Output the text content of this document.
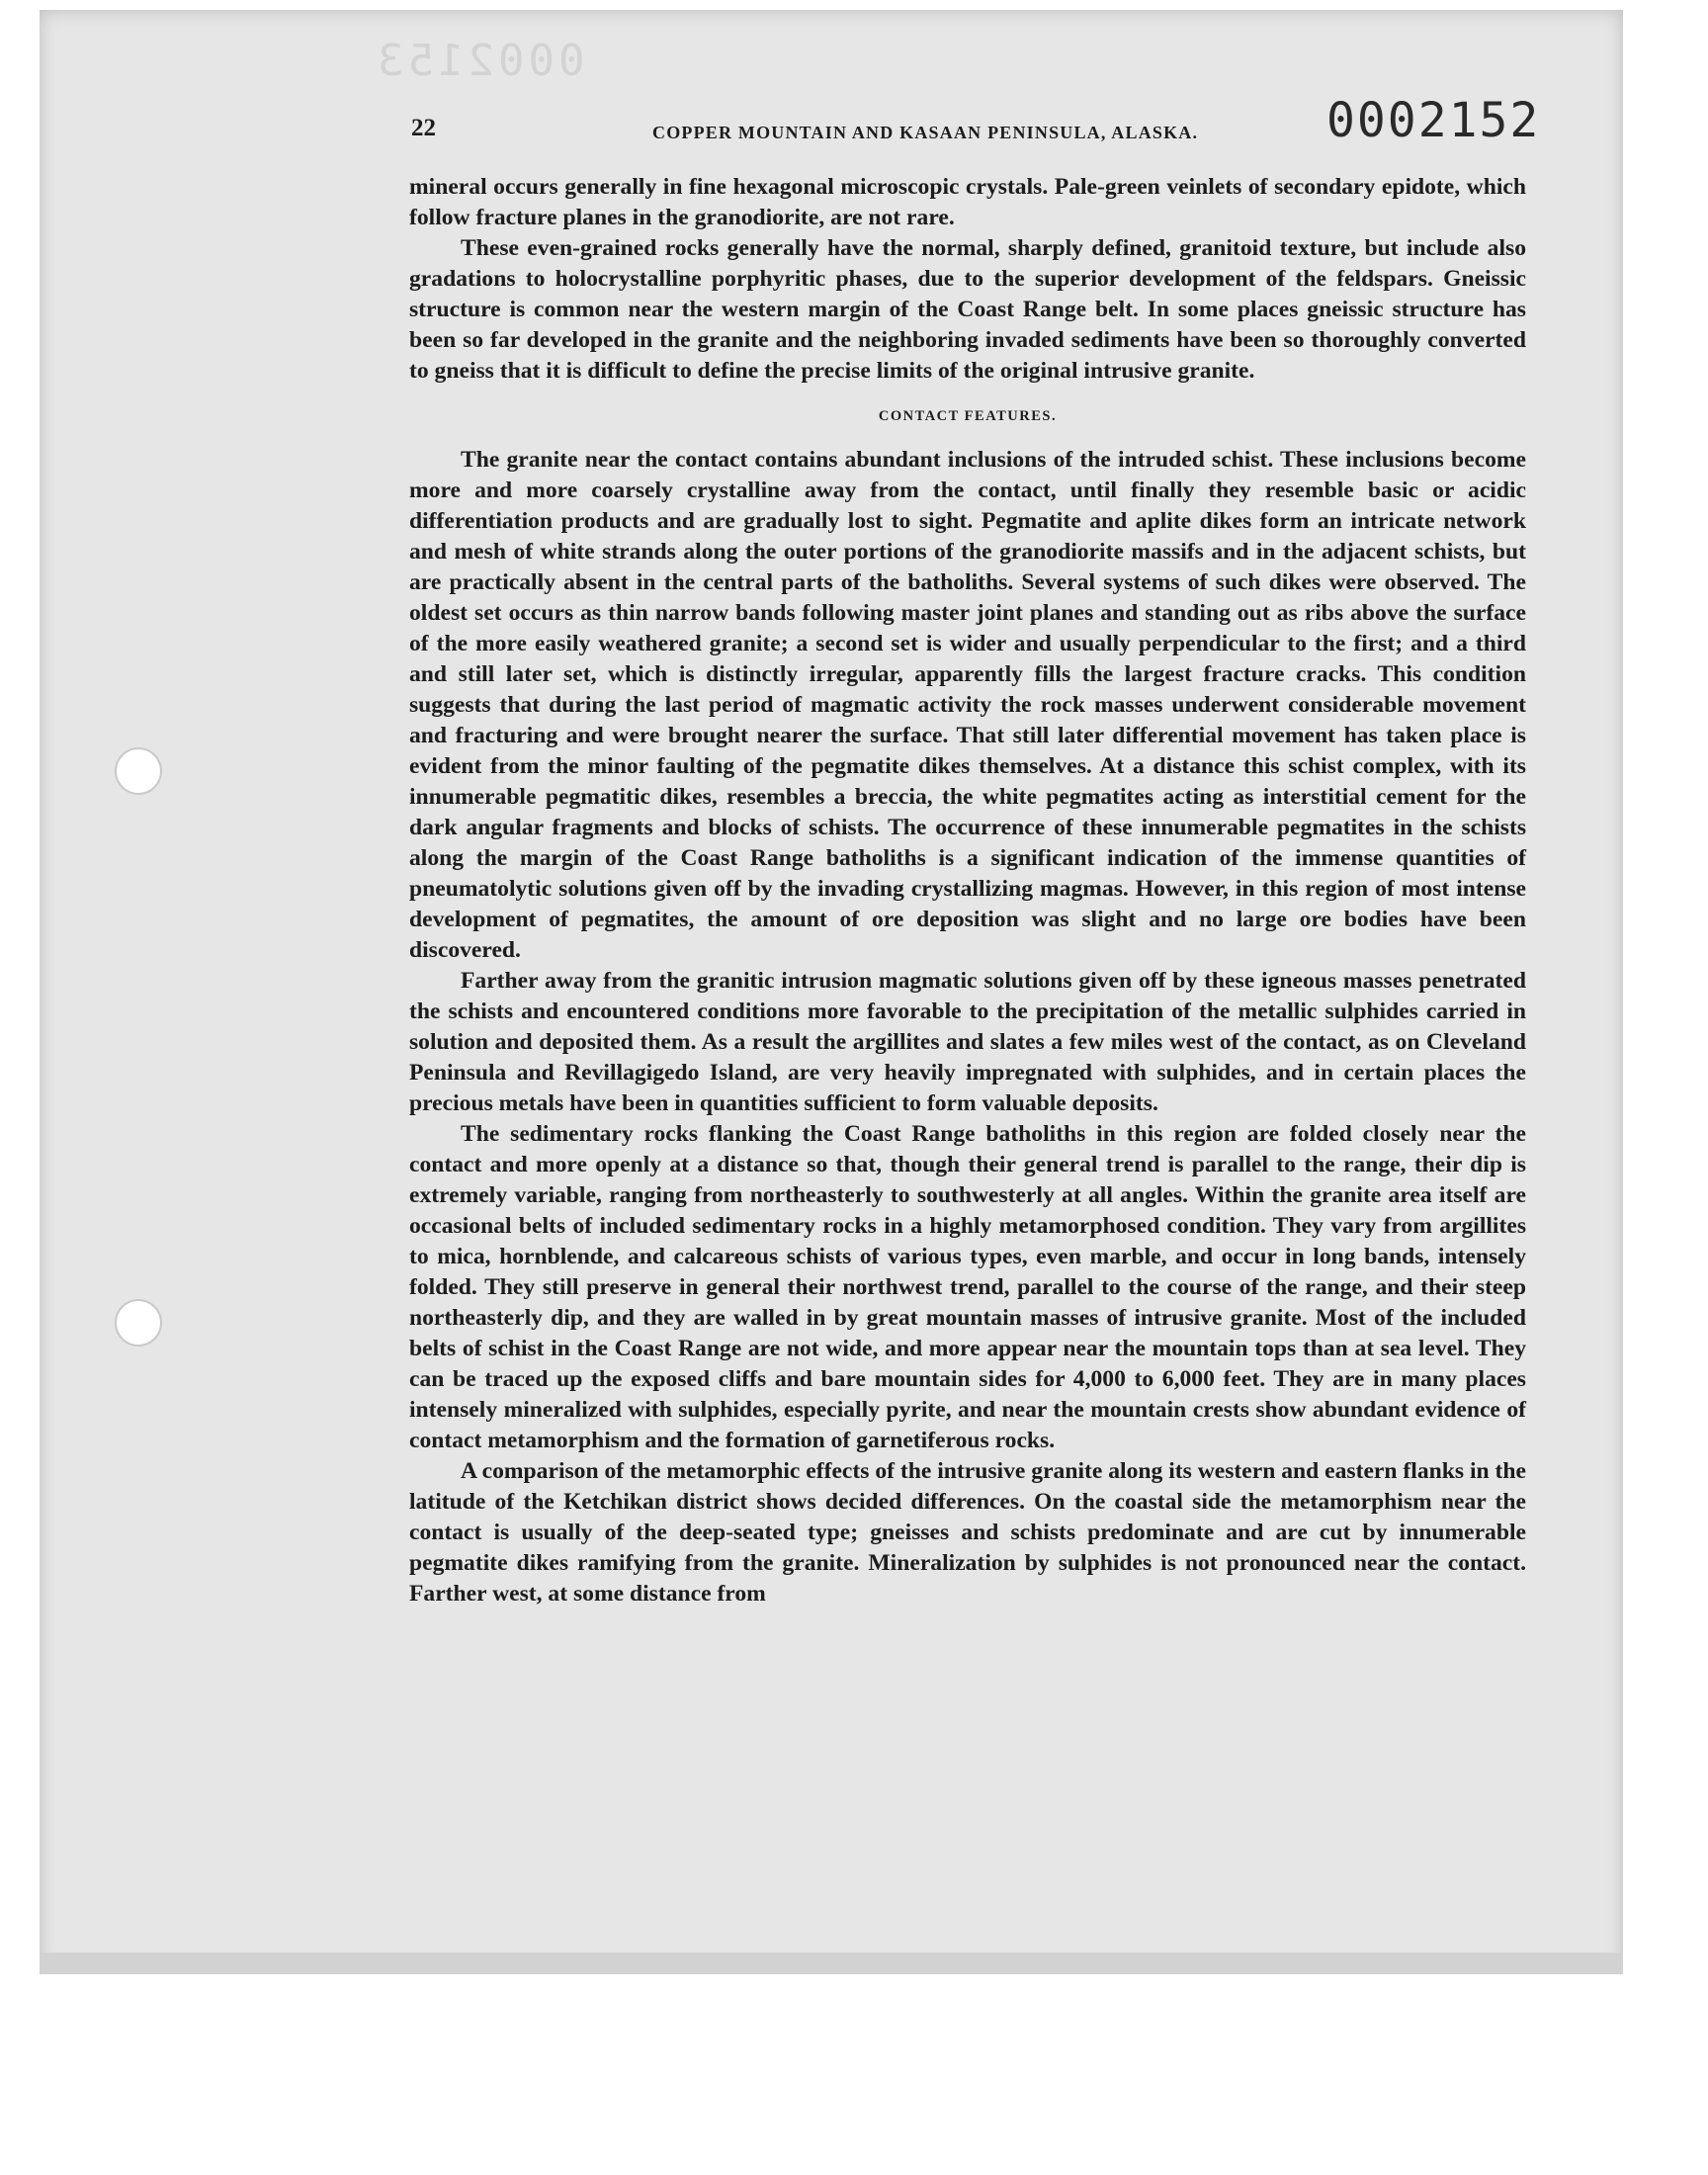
0002153
22	COPPER MOUNTAIN AND KASAAN PENINSULA, ALASKA.	0002152

mineral occurs generally in fine hexagonal microscopic crystals. Pale-green veinlets of secondary epidote, which follow fracture planes in the granodiorite, are not rare.

These even-grained rocks generally have the normal, sharply defined, granitoid texture, but include also gradations to holocrystalline porphyritic phases, due to the superior development of the feldspars. Gneissic structure is common near the western margin of the Coast Range belt. In some places gneissic structure has been so far developed in the granite and the neighboring invaded sediments have been so thoroughly converted to gneiss that it is difficult to define the precise limits of the original intrusive granite.

CONTACT FEATURES.

The granite near the contact contains abundant inclusions of the intruded schist. These inclusions become more and more coarsely crystalline away from the contact, until finally they resemble basic or acidic differentiation products and are gradually lost to sight. Pegmatite and aplite dikes form an intricate network and mesh of white strands along the outer portions of the granodiorite massifs and in the adjacent schists, but are practically absent in the central parts of the batholiths. Several systems of such dikes were observed. The oldest set occurs as thin narrow bands following master joint planes and standing out as ribs above the surface of the more easily weathered granite; a second set is wider and usually perpendicular to the first; and a third and still later set, which is distinctly irregular, apparently fills the largest fracture cracks. This condition suggests that during the last period of magmatic activity the rock masses underwent considerable movement and fracturing and were brought nearer the surface. That still later differential movement has taken place is evident from the minor faulting of the pegmatite dikes themselves. At a distance this schist complex, with its innumerable pegmatitic dikes, resembles a breccia, the white pegmatites acting as interstitial cement for the dark angular fragments and blocks of schists. The occurrence of these innumerable pegmatites in the schists along the margin of the Coast Range batholiths is a significant indication of the immense quantities of pneumatolytic solutions given off by the invading crystallizing magmas. However, in this region of most intense development of pegmatites, the amount of ore deposition was slight and no large ore bodies have been discovered.

Farther away from the granitic intrusion magmatic solutions given off by these igneous masses penetrated the schists and encountered conditions more favorable to the precipitation of the metallic sulphides carried in solution and deposited them. As a result the argillites and slates a few miles west of the contact, as on Cleveland Peninsula and Revillagigedo Island, are very heavily impregnated with sulphides, and in certain places the precious metals have been in quantities sufficient to form valuable deposits.

The sedimentary rocks flanking the Coast Range batholiths in this region are folded closely near the contact and more openly at a distance so that, though their general trend is parallel to the range, their dip is extremely variable, ranging from northeasterly to southwesterly at all angles. Within the granite area itself are occasional belts of included sedimentary rocks in a highly metamorphosed condition. They vary from argillites to mica, hornblende, and calcareous schists of various types, even marble, and occur in long bands, intensely folded. They still preserve in general their northwest trend, parallel to the course of the range, and their steep northeasterly dip, and they are walled in by great mountain masses of intrusive granite. Most of the included belts of schist in the Coast Range are not wide, and more appear near the mountain tops than at sea level. They can be traced up the exposed cliffs and bare mountain sides for 4,000 to 6,000 feet. They are in many places intensely mineralized with sulphides, especially pyrite, and near the mountain crests show abundant evidence of contact metamorphism and the formation of garnetiferous rocks.

A comparison of the metamorphic effects of the intrusive granite along its western and eastern flanks in the latitude of the Ketchikan district shows decided differences. On the coastal side the metamorphism near the contact is usually of the deep-seated type; gneisses and schists predominate and are cut by innumerable pegmatite dikes ramifying from the granite. Mineralization by sulphides is not pronounced near the contact. Farther west, at some distance from
